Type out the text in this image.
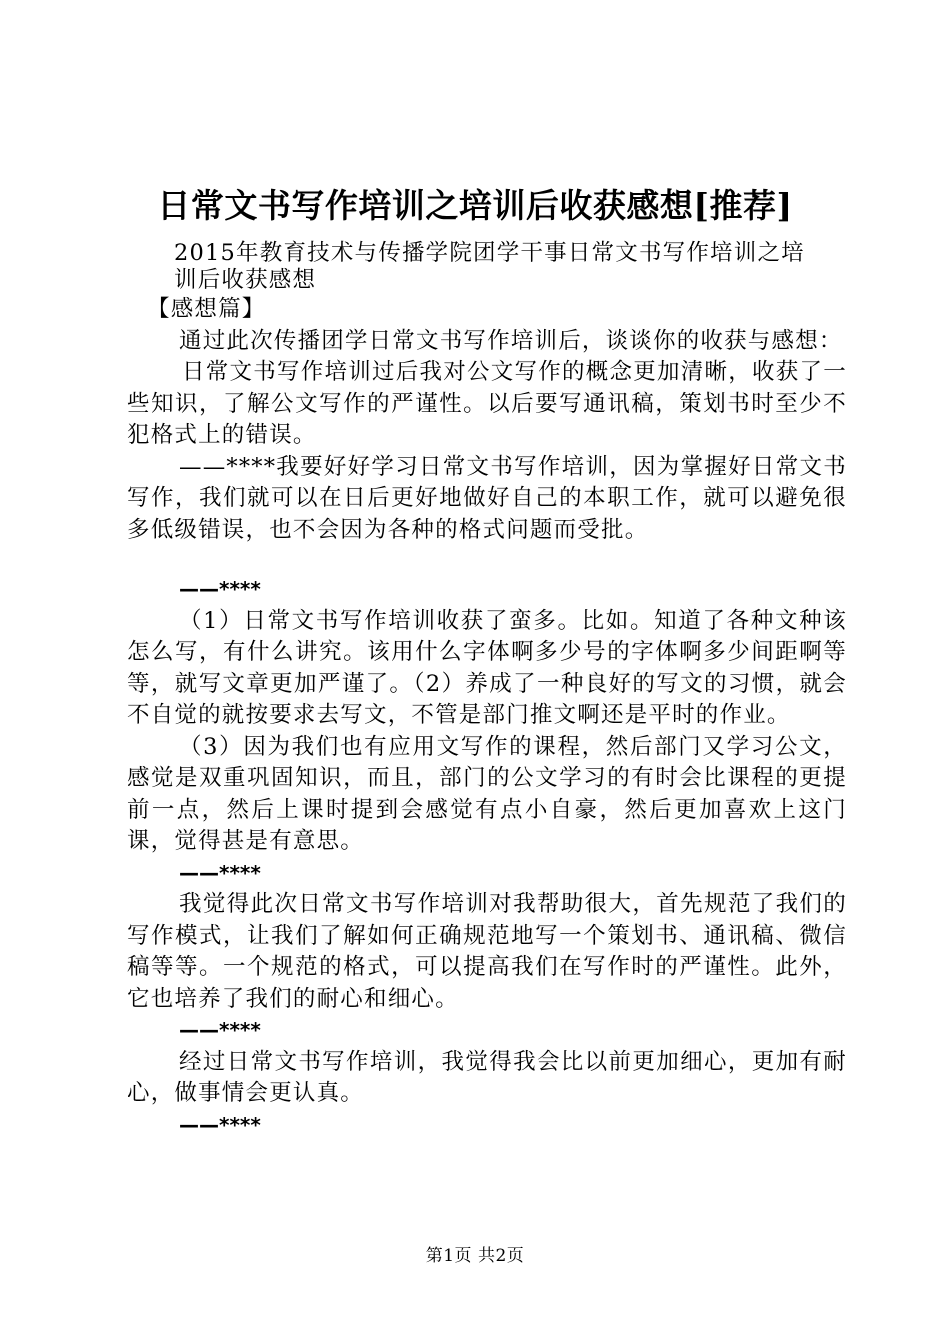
日常文书写作培训之培训后收获感想[推荐]

2015年教育技术与传播学院团学干事日常文书写作培训之培训后收获感想

【感想篇】

通过此次传播团学日常文书写作培训后，谈谈你的收获与感想：

日常文书写作培训过后我对公文写作的概念更加清晰，收获了一些知识，了解公文写作的严谨性。以后要写通讯稿，策划书时至少不犯格式上的错误。

——****我要好好学习日常文书写作培训，因为掌握好日常文书写作，我们就可以在日后更好地做好自己的本职工作，就可以避免很多低级错误，也不会因为各种的格式问题而受批。

——****

（1）日常文书写作培训收获了蛮多。比如。知道了各种文种该怎么写，有什么讲究。该用什么字体啊多少号的字体啊多少间距啊等等，就写文章更加严谨了。（2）养成了一种良好的写文的习惯，就会不自觉的就按要求去写文，不管是部门推文啊还是平时的作业。

（3）因为我们也有应用文写作的课程，然后部门又学习公文，感觉是双重巩固知识，而且，部门的公文学习的有时会比课程的更提前一点，然后上课时提到会感觉有点小自豪，然后更加喜欢上这门课，觉得甚是有意思。

——****

我觉得此次日常文书写作培训对我帮助很大，首先规范了我们的写作模式，让我们了解如何正确规范地写一个策划书、通讯稿、微信稿等等。一个规范的格式，可以提高我们在写作时的严谨性。此外，它也培养了我们的耐心和细心。

——****

经过日常文书写作培训，我觉得我会比以前更加细心，更加有耐心，做事情会更认真。

——****

第1页 共2页
